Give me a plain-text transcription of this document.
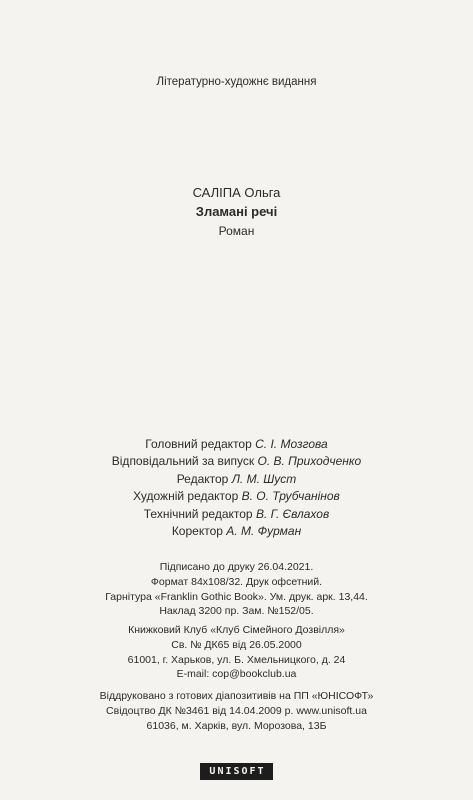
Літературно-художнє видання
САЛІПА Ольга
Зламані речі
Роман
Головний редактор С. І. Мозгова
Відповідальний за випуск О. В. Приходченко
Редактор Л. М. Шуст
Художній редактор В. О. Трубчанінов
Технічний редактор В. Г. Євлахов
Коректор А. М. Фурман
Підписано до друку 26.04.2021.
Формат 84x108/32. Друк офсетний.
Гарнітура «Franklin Gothic Book». Ум. друк. арк. 13,44.
Наклад 3200 пр. Зам. №152/05.
Книжковий Клуб «Клуб Сімейного Дозвілля»
Св. № ДК65 від 26.05.2000
61001, г. Харьков, ул. Б. Хмельницкого, д. 24
E-mail: cop@bookclub.ua
Віддруковано з готових діапозитивів на ПП «ЮНІСОФТ»
Свідоцтво ДК №3461 від 14.04.2009 р. www.unisoft.ua
61036, м. Харків, вул. Морозова, 13Б
UNISOFT
